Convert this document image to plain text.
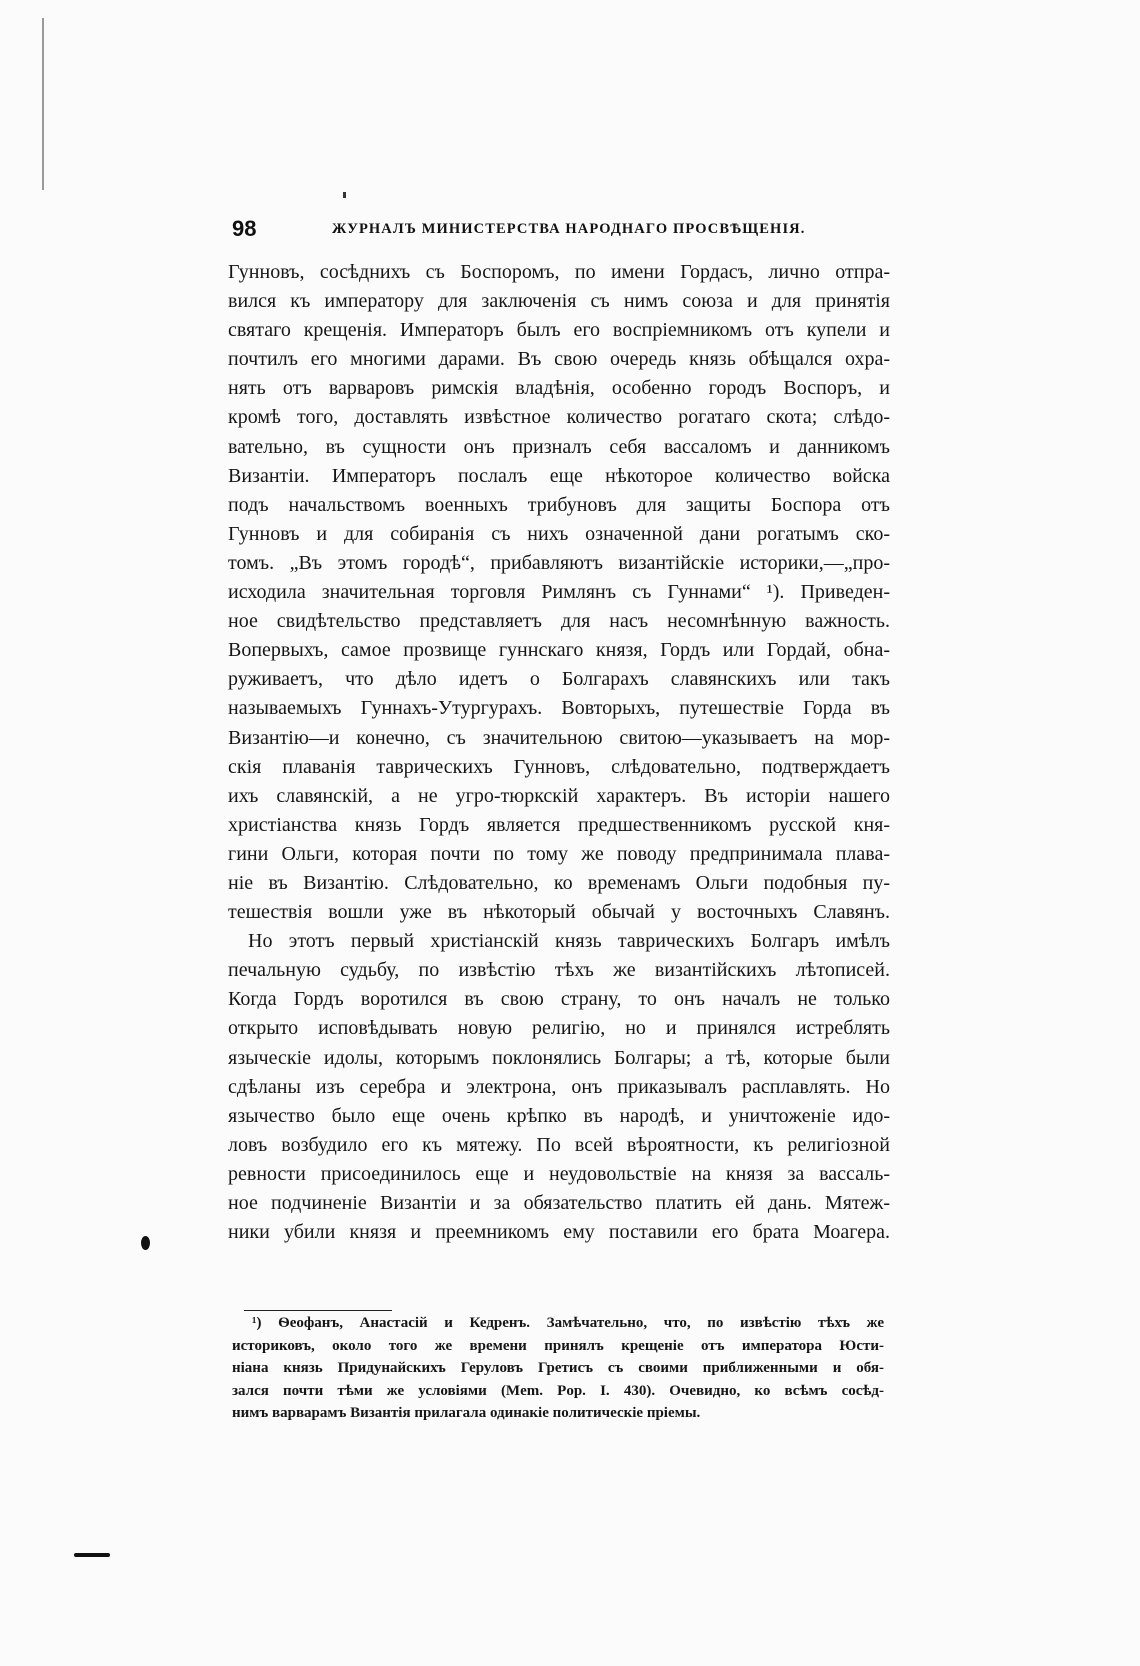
98	ЖУРНАЛЪ МИНИСТЕРСТВА НАРОДНАГО ПРОСВѢЩЕНІЯ.
Гунновъ, сосѣднихъ съ Боспоромъ, по имени Гордасъ, лично отпра-
вился къ императору для заключенія съ нимъ союза и для принятія
святаго крещенія. Императоръ былъ его воспріемникомъ отъ купели и
почтилъ его многими дарами. Въ свою очередь князь обѣщался охра-
нять отъ варваровъ римскія владѣнія, особенно городъ Воспоръ, и
кромѣ того, доставлять извѣстное количество рогатаго скота; слѣдо-
вательно, въ сущности онъ призналъ себя вассаломъ и данникомъ
Византіи. Императоръ послалъ еще нѣкоторое количество войска
подъ начальствомъ военныхъ трибуновъ для защиты Боспора отъ
Гунновъ и для собиранія съ нихъ означенной дани рогатымъ ско-
томъ. „Въ этомъ городѣ“, прибавляютъ византійскіе историки,—„про-
исходила значительная торговля Римлянъ съ Гуннами“ ¹). Приведен-
ное свидѣтельство представляетъ для насъ несомнѣнную важность.
Вопервыхъ, самое прозвище гуннскаго князя, Гордъ или Гордай, обна-
руживаетъ, что дѣло идетъ о Болгарахъ славянскихъ или такъ
называемыхъ Гуннахъ-Утургурахъ. Вовторыхъ, путешествіе Горда въ
Византію—и конечно, съ значительною свитою—указываетъ на мор-
скія плаванія таврическихъ Гунновъ, слѣдовательно, подтверждаетъ
ихъ славянскій, а не угро-тюркскій характеръ. Въ исторіи нашего
христіанства князь Гордъ является предшественникомъ русской кня-
гини Ольги, которая почти по тому же поводу предпринимала плава-
ніе въ Византію. Слѣдовательно, ко временамъ Ольги подобныя пу-
тешествія вошли уже въ нѣкоторый обычай у восточныхъ Славянъ.
Но этотъ первый христіанскій князь таврическихъ Болгаръ имѣлъ
печальную судьбу, по извѣстію тѣхъ же византійскихъ лѣтописей.
Когда Гордъ воротился въ свою страну, то онъ началъ не только
открыто исповѣдывать новую религію, но и принялся истреблять
языческіе идолы, которымъ поклонялись Болгары; а тѣ, которые были
сдѣланы изъ серебра и электрона, онъ приказывалъ расплавлять. Но
язычество было еще очень крѣпко въ народѣ, и уничтоженіе идо-
ловъ возбудило его къ мятежу. По всей вѣроятности, къ религіозной
ревности присоединилось еще и неудовольствіе на князя за вассаль-
ное подчиненіе Византіи и за обязательство платить ей дань. Мятеж-
ники убили князя и преемникомъ ему поставили его брата Моагера.
¹) Ѳеофанъ, Анастасій и Кедренъ. Замѣчательно, что, по извѣстію тѣхъ же
историковъ, около того же времени принялъ крещеніе отъ императора Юсти-
ніана князь Придунайскихъ Геруловъ Гретисъ съ своими приближенными и обя-
зался почти тѣми же условіями (Mem. Pop. I. 430). Очевидно, ко всѣмъ сосѣд-
нимъ варварамъ Византія прилагала одинакіе политическіе пріемы.
